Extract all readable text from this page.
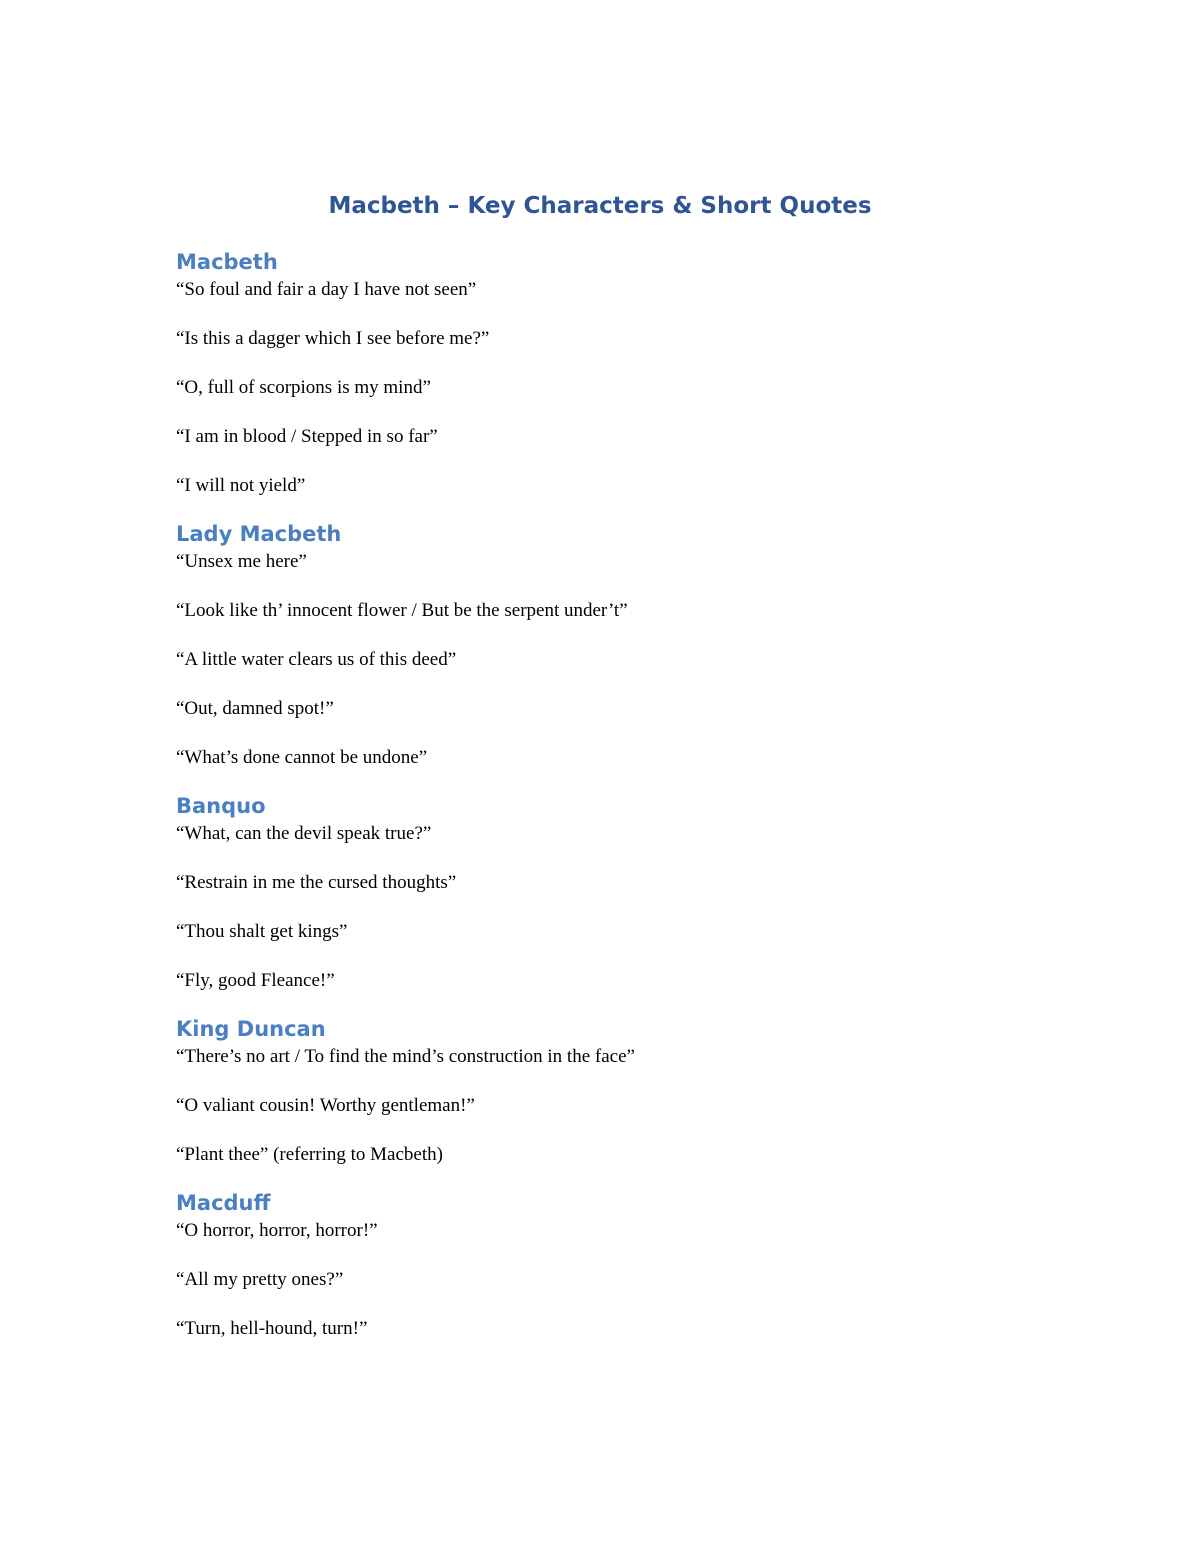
Macbeth – Key Characters & Short Quotes
Macbeth
“So foul and fair a day I have not seen”
“Is this a dagger which I see before me?”
“O, full of scorpions is my mind”
“I am in blood / Stepped in so far”
“I will not yield”
Lady Macbeth
“Unsex me here”
“Look like th’ innocent flower / But be the serpent under’t”
“A little water clears us of this deed”
“Out, damned spot!”
“What’s done cannot be undone”
Banquo
“What, can the devil speak true?”
“Restrain in me the cursed thoughts”
“Thou shalt get kings”
“Fly, good Fleance!”
King Duncan
“There’s no art / To find the mind’s construction in the face”
“O valiant cousin! Worthy gentleman!”
“Plant thee” (referring to Macbeth)
Macduff
“O horror, horror, horror!”
“All my pretty ones?”
“Turn, hell-hound, turn!”
